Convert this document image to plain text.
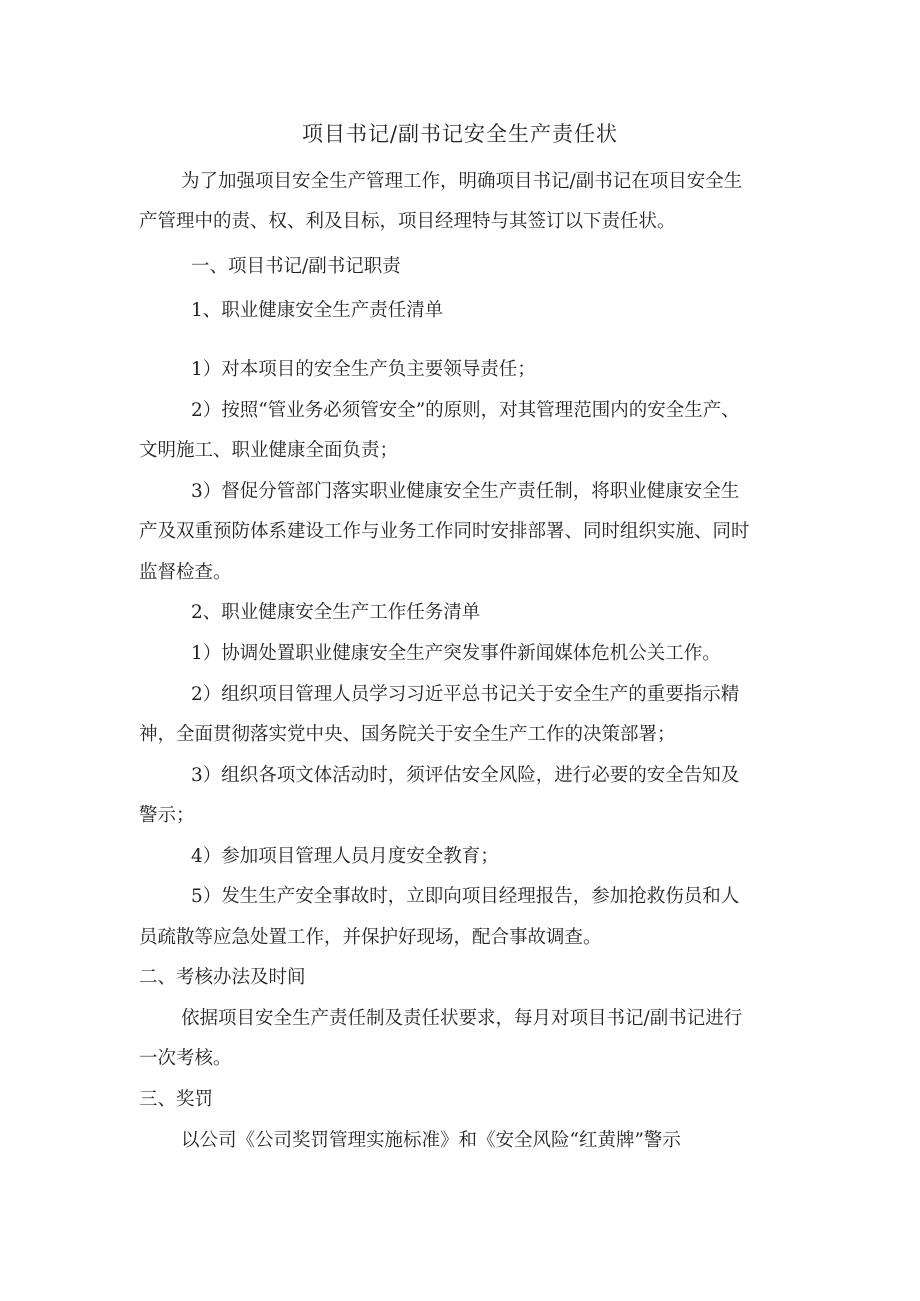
项目书记/副书记安全生产责任状
为了加强项目安全生产管理工作，明确项目书记/副书记在项目安全生
产管理中的责、权、利及目标，项目经理特与其签订以下责任状。
一、项目书记/副书记职责
1、职业健康安全生产责任清单
1）对本项目的安全生产负主要领导责任；
2）按照“管业务必须管安全”的原则，对其管理范围内的安全生产、
文明施工、职业健康全面负责；
3）督促分管部门落实职业健康安全生产责任制，将职业健康安全生
产及双重预防体系建设工作与业务工作同时安排部署、同时组织实施、同时
监督检查。
2、职业健康安全生产工作任务清单
1）协调处置职业健康安全生产突发事件新闻媒体危机公关工作。
2）组织项目管理人员学习习近平总书记关于安全生产的重要指示精
神，全面贯彻落实党中央、国务院关于安全生产工作的决策部署；
3）组织各项文体活动时，须评估安全风险，进行必要的安全告知及
警示；
4）参加项目管理人员月度安全教育；
5）发生生产安全事故时，立即向项目经理报告，参加抢救伤员和人
员疏散等应急处置工作，并保护好现场，配合事故调查。
二、考核办法及时间
依据项目安全生产责任制及责任状要求，每月对项目书记/副书记进行
一次考核。
三、奖罚
以公司《公司奖罚管理实施标准》和《安全风险“红黄牌”警示
